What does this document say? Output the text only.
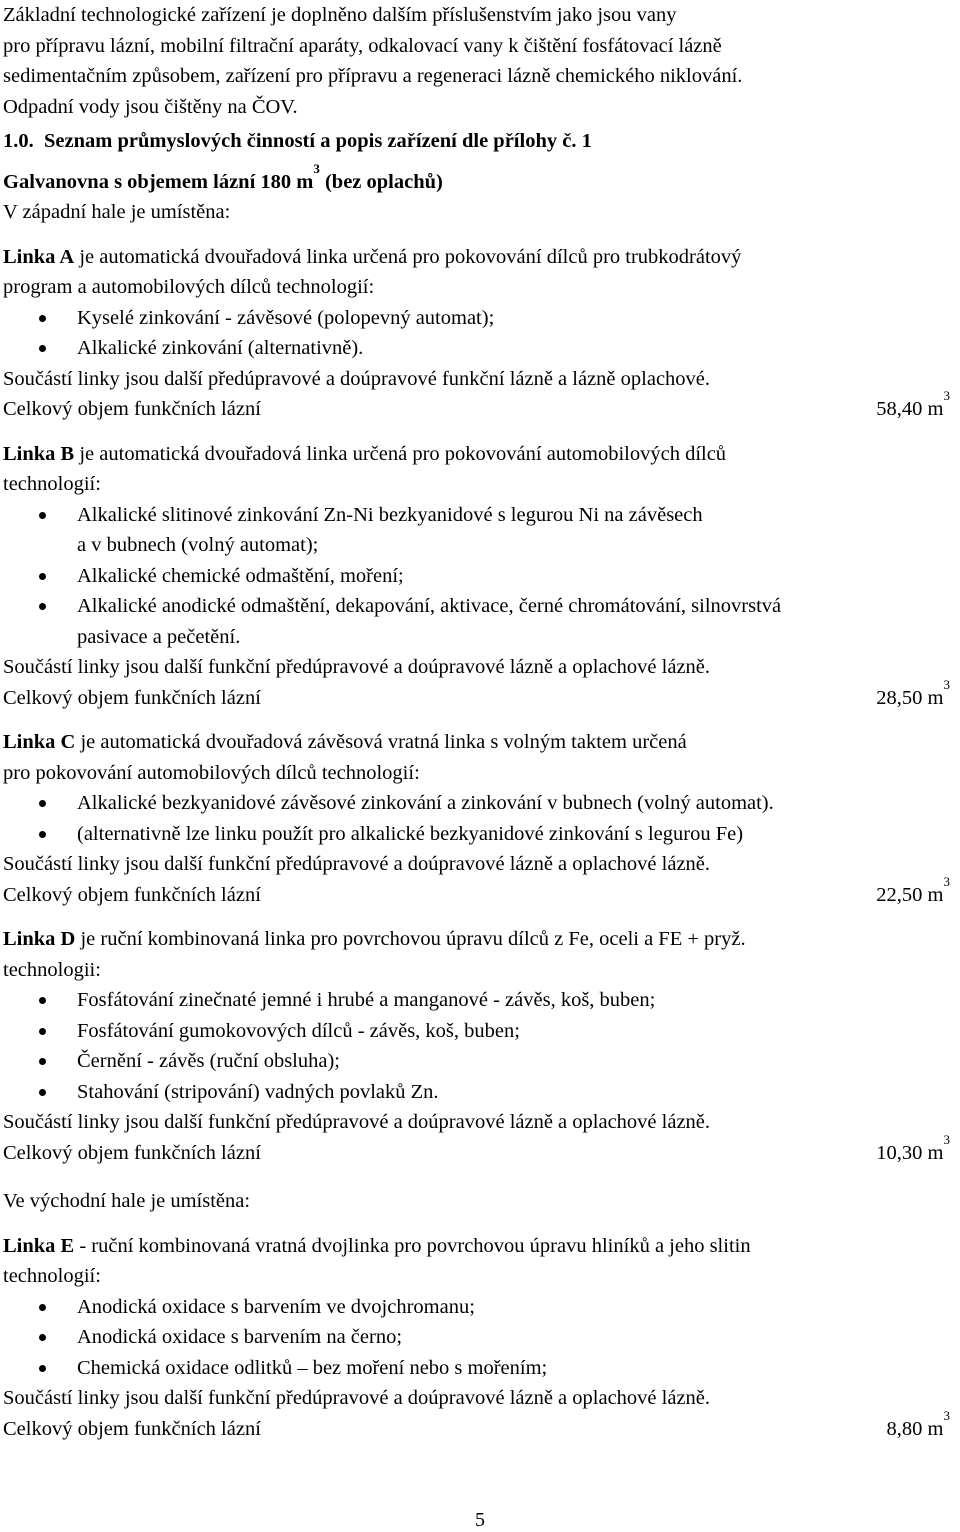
Základní technologické zařízení je doplněno dalším příslušenstvím jako jsou vany

pro přípravu lázní, mobilní filtrační aparáty, odkalovací vany k čištění fosfátovací lázně

sedimentačním způsobem, zařízení pro přípravu a regeneraci lázně chemického niklování.

Odpadní vody jsou čištěny na ČOV.

1.0. Seznam průmyslových činností a popis zařízení dle přílohy č. 1

Galvanovna s objemem lázní 180 $m^3$ (bez oplachů)

V západní hale je umístěna:

Linka A je automatická dvouřadová linka určená pro pokovování dílců pro trubkodrátový

program a automobilových dílců technologií:

Kyselé zinkování - závěsové (polopevný automat);
Alkalické zinkování (alternativně).

Součástí linky jsou další předúpravové a doúpravové funkční lázně a lázně oplachové.

Celkový objem funkčních lázní	58,40 $m^3$

Linka B je automatická dvouřadová linka určená pro pokovování automobilových dílců

technologií:

Alkalické slitinové zinkování Zn-Ni bezkyanidové s legurou Ni na závěsech
a v bubnech (volný automat);
Alkalické chemické odmaštění, moření;
Alkalické anodické odmaštění, dekapování, aktivace, černé chromátování, silnovrstvá
pasivace a pečetění.

Součástí linky jsou další funkční předúpravové a doúpravové lázně a oplachové lázně.

Celkový objem funkčních lázní	28,50 $m^3$

Linka C je automatická dvouřadová závěsová vratná linka s volným taktem určená

pro pokovování automobilových dílců technologií:

Alkalické bezkyanidové závěsové zinkování a zinkování v bubnech (volný automat).
(alternativně lze linku použít pro alkalické bezkyanidové zinkování s legurou Fe)

Součástí linky jsou další funkční předúpravové a doúpravové lázně a oplachové lázně.

Celkový objem funkčních lázní	22,50 $m^3$

Linka D je ruční kombinovaná linka pro povrchovou úpravu dílců z Fe, oceli a FE + pryž.

technologii:

Fosfátování zinečnaté jemné i hrubé a manganové - závěs, koš, buben;
Fosfátování gumokovových dílců - závěs, koš, buben;
Černění - závěs (ruční obsluha);
Stahování (stripování) vadných povlaků Zn.

Součástí linky jsou další funkční předúpravové a doúpravové lázně a oplachové lázně.

Celkový objem funkčních lázní	10,30 $m^3$

Ve východní hale je umístěna:

Linka E - ruční kombinovaná vratná dvojlinka pro povrchovou úpravu hliníků a jeho slitin

technologií:

Anodická oxidace s barvením ve dvojchromanu;
Anodická oxidace s barvením na černo;
Chemická oxidace odlitků – bez moření nebo s mořením;

Součástí linky jsou další funkční předúpravové a doúpravové lázně a oplachové lázně.

Celkový objem funkčních lázní	8,80 $m^3$
5
